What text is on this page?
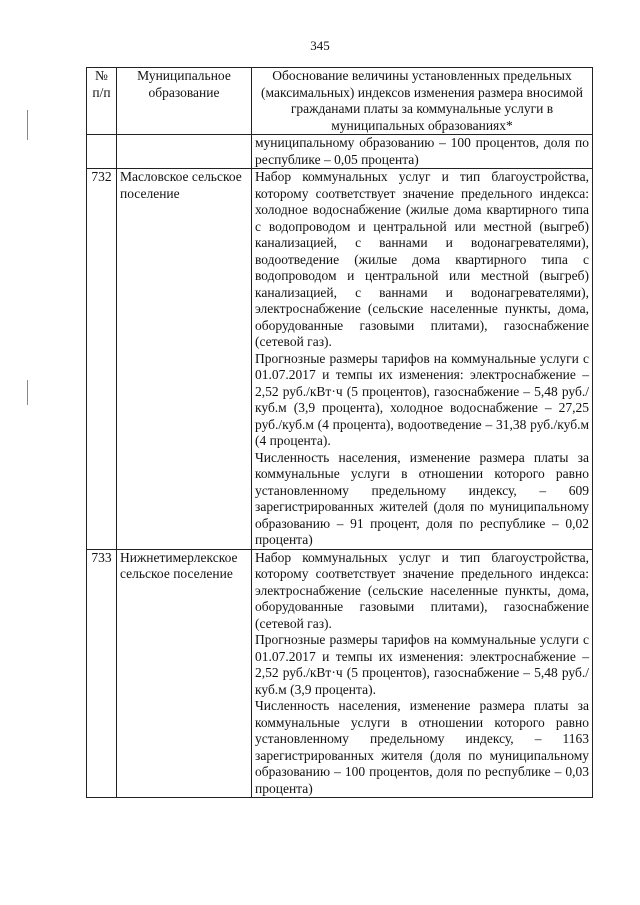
345
№ п/п	Муниципальное образование	Обоснование величины установленных предельных (максимальных) индексов изменения размера вносимой гражданами платы за коммунальные услуги в муниципальных образованиях*

		муниципальному образованию – 100 процентов, доля по республике – 0,05 процента)

732	Масловское сельское поселение	Набор коммунальных услуг и тип благоустройства, которому соответствует значение предельного индекса: холодное водоснабжение (жилые дома квартирного типа с водопроводом и центральной или местной (выгреб) канализацией, с ваннами и водонагревателями), водоотведение (жилые дома квартирного типа с водопроводом и центральной или местной (выгреб) канализацией, с ваннами и водонагревателями), электроснабжение (сельские населенные пункты, дома, оборудованные газовыми плитами), газоснабжение (сетевой газ).

Прогнозные размеры тарифов на коммунальные услуги с 01.07.2017 и темпы их изменения: электроснабжение – 2,52 руб./кВт·ч (5 процентов), газоснабжение – 5,48 руб./куб.м (3,9 процента), холодное водоснабжение – 27,25 руб./куб.м (4 процента), водоотведение – 31,38 руб./куб.м (4 процента).

Численность населения, изменение размера платы за коммунальные услуги в отношении которого равно установленному предельному индексу, – 609 зарегистрированных жителей (доля по муниципальному образованию – 91 процент, доля по республике – 0,02 процента)

733	Нижнетимерлекское сельское поселение	Набор коммунальных услуг и тип благоустройства, которому соответствует значение предельного индекса: электроснабжение (сельские населенные пункты, дома, оборудованные газовыми плитами), газоснабжение (сетевой газ).

Прогнозные размеры тарифов на коммунальные услуги с 01.07.2017 и темпы их изменения: электроснабжение – 2,52 руб./кВт·ч (5 процентов), газоснабжение – 5,48 руб./куб.м (3,9 процента).

Численность населения, изменение размера платы за коммунальные услуги в отношении которого равно установленному предельному индексу, – 1163 зарегистрированных жителя (доля по муниципальному образованию – 100 процентов, доля по республике – 0,03 процента)
